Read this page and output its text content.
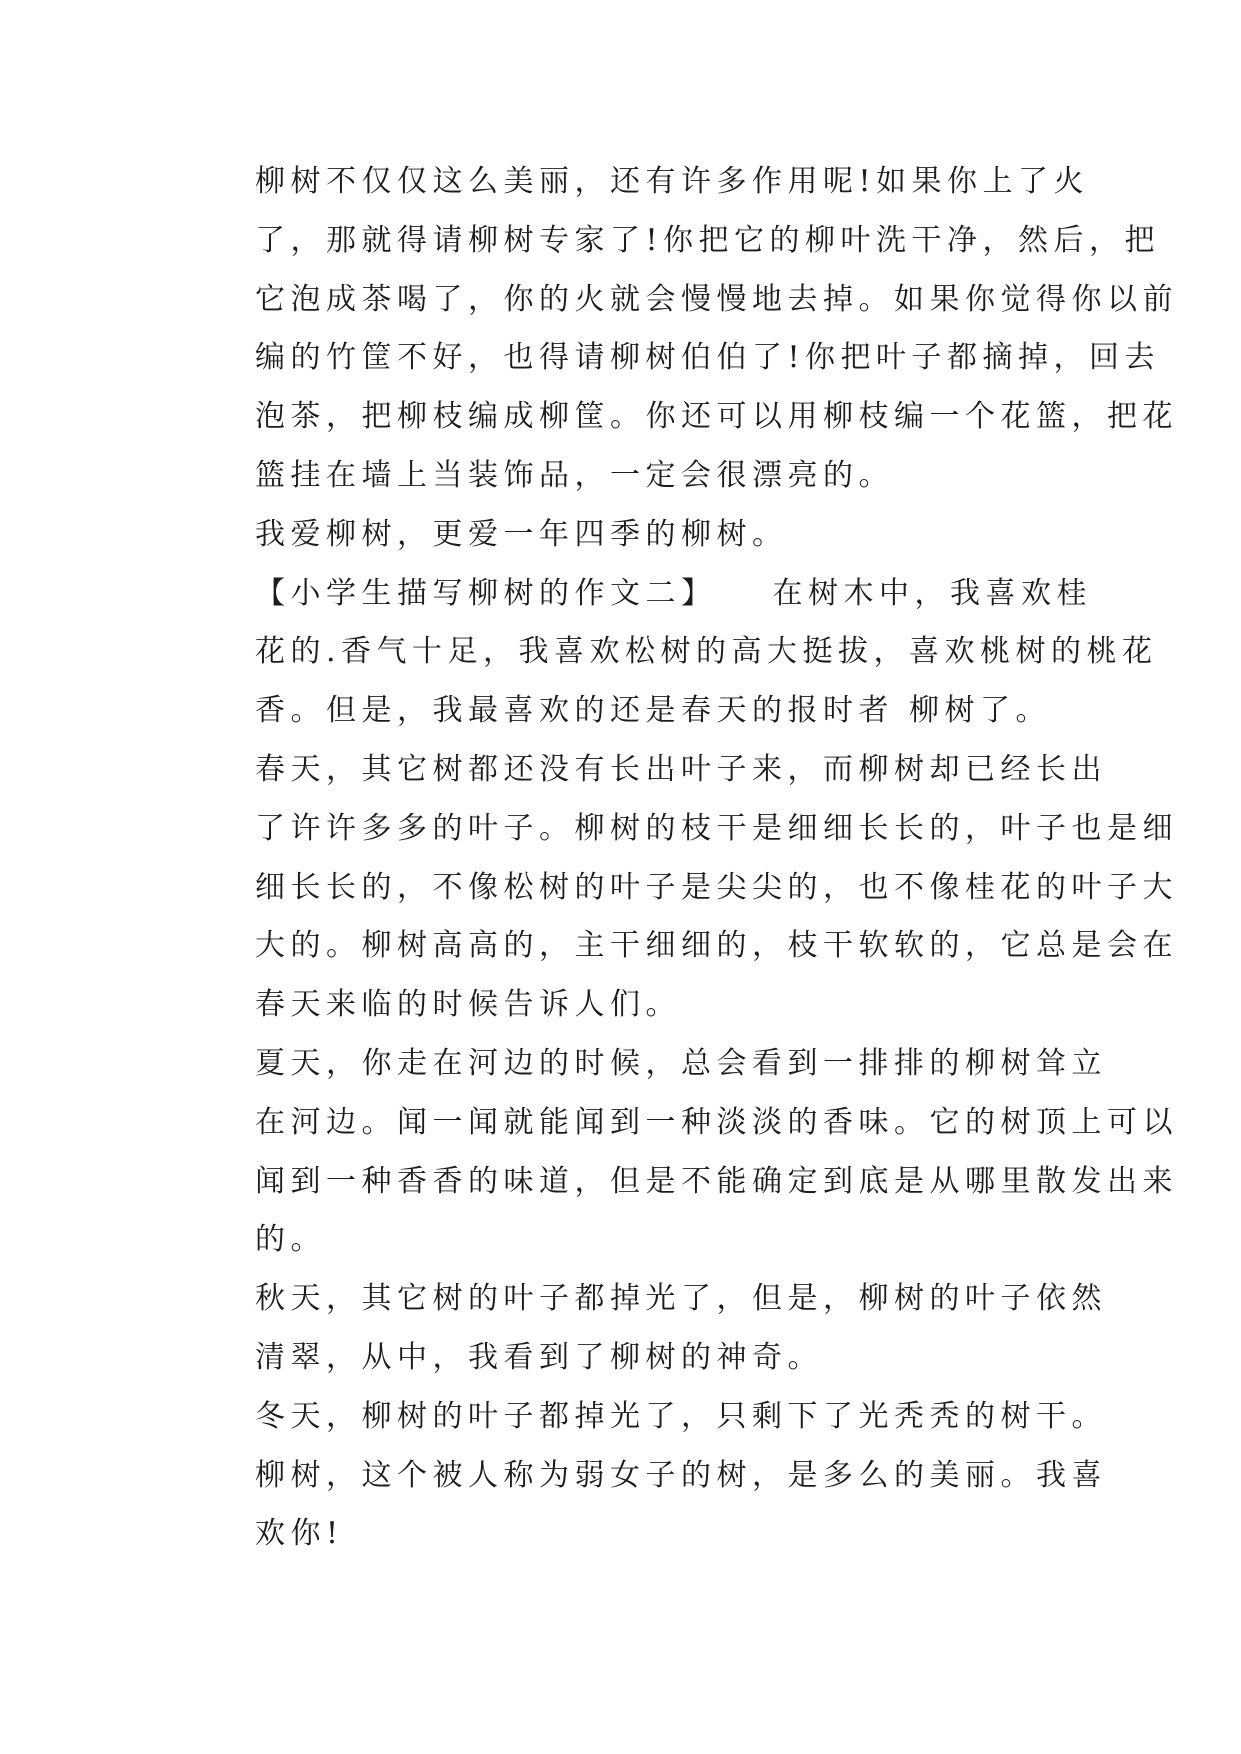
柳树不仅仅这么美丽，还有许多作用呢!如果你上了火
了，那就得请柳树专家了!你把它的柳叶洗干净，然后，把
它泡成茶喝了，你的火就会慢慢地去掉。如果你觉得你以前
编的竹筐不好，也得请柳树伯伯了!你把叶子都摘掉，回去
泡茶，把柳枝编成柳筐。你还可以用柳枝编一个花篮，把花
篮挂在墙上当装饰品，一定会很漂亮的。
我爱柳树，更爱一年四季的柳树。
【小学生描写柳树的作文二】　　在树木中，我喜欢桂
花的.香气十足，我喜欢松树的高大挺拔，喜欢桃树的桃花
香。但是，我最喜欢的还是春天的报时者 柳树了。
春天，其它树都还没有长出叶子来，而柳树却已经长出
了许许多多的叶子。柳树的枝干是细细长长的，叶子也是细
细长长的，不像松树的叶子是尖尖的，也不像桂花的叶子大
大的。柳树高高的，主干细细的，枝干软软的，它总是会在
春天来临的时候告诉人们。
夏天，你走在河边的时候，总会看到一排排的柳树耸立
在河边。闻一闻就能闻到一种淡淡的香味。它的树顶上可以
闻到一种香香的味道，但是不能确定到底是从哪里散发出来
的。
秋天，其它树的叶子都掉光了，但是，柳树的叶子依然
清翠，从中，我看到了柳树的神奇。
冬天，柳树的叶子都掉光了，只剩下了光秃秃的树干。
柳树，这个被人称为弱女子的树，是多么的美丽。我喜
欢你!
